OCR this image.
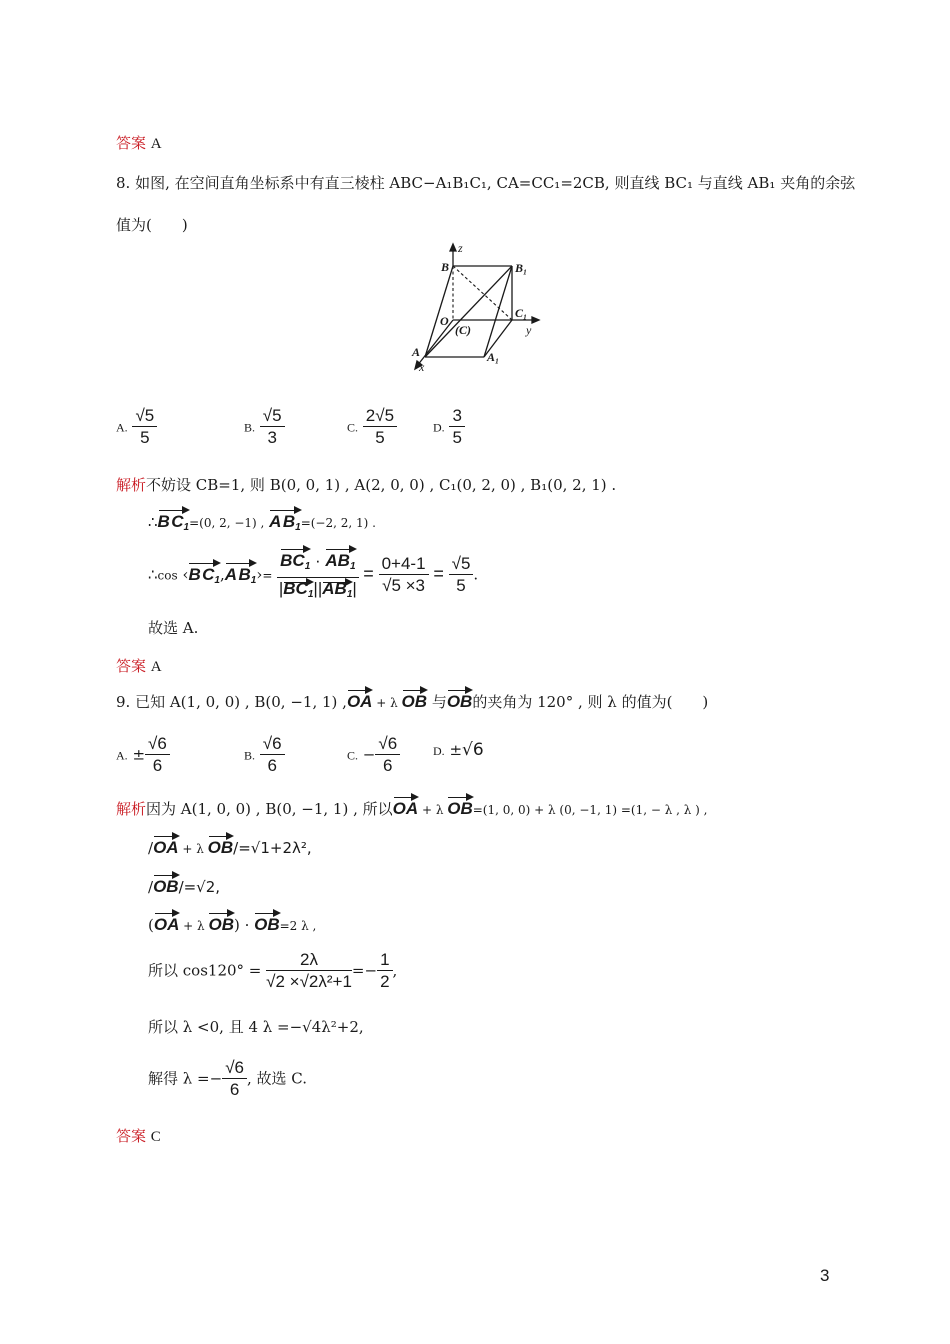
答案 A
8. 如图, 在空间直角坐标系中有直三棱柱 ABC−A₁B₁C₁, CA=CC₁=2CB, 则直线 BC₁ 与直线 AB₁ 夹角的余弦
值为(　　)
z
B	B₁
O
(C)
C₁
y
A	A₁
x
A. $\frac{√5}{5}$	B. $\frac{√5}{3}$	C. $\frac{2√5}{5}$	D. $\frac{3}{5}$
解析不妨设 CB=1, 则 B(0, 0, 1) , A(2, 0, 0) , C₁(0, 2, 0) , B₁(0, 2, 1) .
∴B $C_1=(0$, 2, −1) , A $B_1=(-2$, 2, 1) .
∴cos ‹B $C_1,A$ $B_1›= \frac{BC_1 \cdot AB_1}{|BC_1||AB_1|} = \frac{0+4-1}{√5 \times 3} = \frac{√5}{5}$ .
故选 A.
答案 A
9. 已知 A(1, 0, 0) , B(0, −1, 1) ,OA + λ OB 与OB的夹角为 120° , 则 λ 的值为(　　)
A. ± $\frac{√6}{6}$	B. $\frac{√6}{6}$	C. − $\frac{√6}{6}$	D. ±√6
解析因为 A(1, 0, 0) , B(0, −1, 1) , 所以OA + λ OB=(1, 0, 0) + λ (0, −1, 1) =(1, − λ , λ ) ,
/OA + λ OB/=√1+2λ²,
/OB/=√2,
(OA + λ OB) · OB=2 λ ,
所以 $\cos 120^\circ = \frac{2\lambda}{\text{√2 ×√2λ²+1}} =- \frac{1}{2}$ ,
所以 λ <0, 且 4 λ =−√4λ²+2,
解得 $\lambda =- \frac{√6}{6}$ , 故选 C.
答案 C
3
